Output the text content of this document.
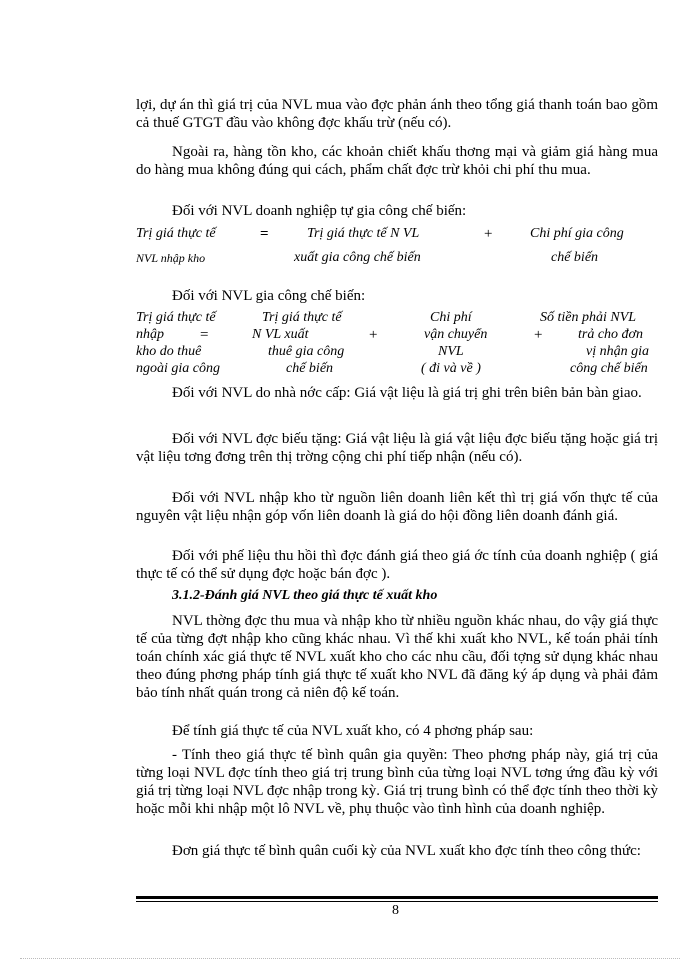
lợi, dự án thì giá trị của NVL mua vào đợc phản ánh theo tổng giá thanh toán bao gồm cả thuế GTGT đầu vào không đợc khấu trừ (nếu có).
Ngoài ra, hàng tồn kho, các khoản chiết khấu thơng mại và giảm giá hàng mua do hàng mua không đúng qui cách, phẩm chất đợc trừ khỏi chi phí thu mua.
Đối với NVL doanh nghiệp tự gia công chế biến:
Trị giá thực tế
NVL nhập kho
=	Trị giá thực tế N VL
xuất gia công chế biến
+	Chi phí gia công
chế biến
Đối với NVL gia công chế biến:
Trị giá thực tế
nhập
kho do thuê
ngoài gia công
=
Trị giá thực tế
N VL xuất
thuê gia công
chế biến
+
Chi phí
vận chuyển
NVL
( đi và về )
+
Số tiền phải NVL
trả cho đơn
vị nhận gia
công chế biến
Đối với NVL do nhà nớc cấp: Giá vật liệu là giá trị ghi trên biên bản bàn giao.
Đối với NVL đợc biếu tặng: Giá vật liệu là giá vật liệu đợc biếu tặng hoặc giá trị vật liệu tơng đơng trên thị trờng cộng chi phí tiếp nhận (nếu có).
Đối với NVL nhập kho từ nguồn liên doanh liên kết thì trị giá vốn thực tế của nguyên vật liệu nhận góp vốn liên doanh là giá do hội đồng liên doanh đánh giá.
Đối với phế liệu thu hồi thì đợc đánh giá theo giá ớc tính của doanh nghiệp ( giá thực tế có thể sử dụng đợc hoặc bán đợc ).
3.1.2-Đánh giá NVL theo giá thực tế xuất kho
NVL thờng đợc thu mua và nhập kho từ nhiều nguồn khác nhau, do vậy giá thực tế của từng đợt nhập kho cũng khác nhau. Vì thế khi xuất kho NVL, kế toán phải tính toán chính xác giá thực tế NVL xuất kho cho các nhu cầu, đối tợng sử dụng khác nhau theo đúng phơng pháp tính giá thực tế xuất kho NVL đã đăng ký áp dụng và phải đảm bảo tính nhất quán trong cả niên độ kế toán.
Để tính giá thực tế của NVL xuất kho, có 4 phơng pháp sau:
- Tính theo giá thực tế bình quân gia quyền: Theo phơng pháp này, giá trị của từng loại NVL đợc tính theo giá trị trung bình của từng loại NVL tơng ứng đầu kỳ với giá trị từng loại NVL đợc nhập trong kỳ. Giá trị trung bình có thể đợc tính theo thời kỳ hoặc mỗi khi nhập một lô NVL về, phụ thuộc vào tình hình của doanh nghiệp.
Đơn giá thực tế bình quân cuối kỳ của NVL xuất kho đợc tính theo công thức:
8
